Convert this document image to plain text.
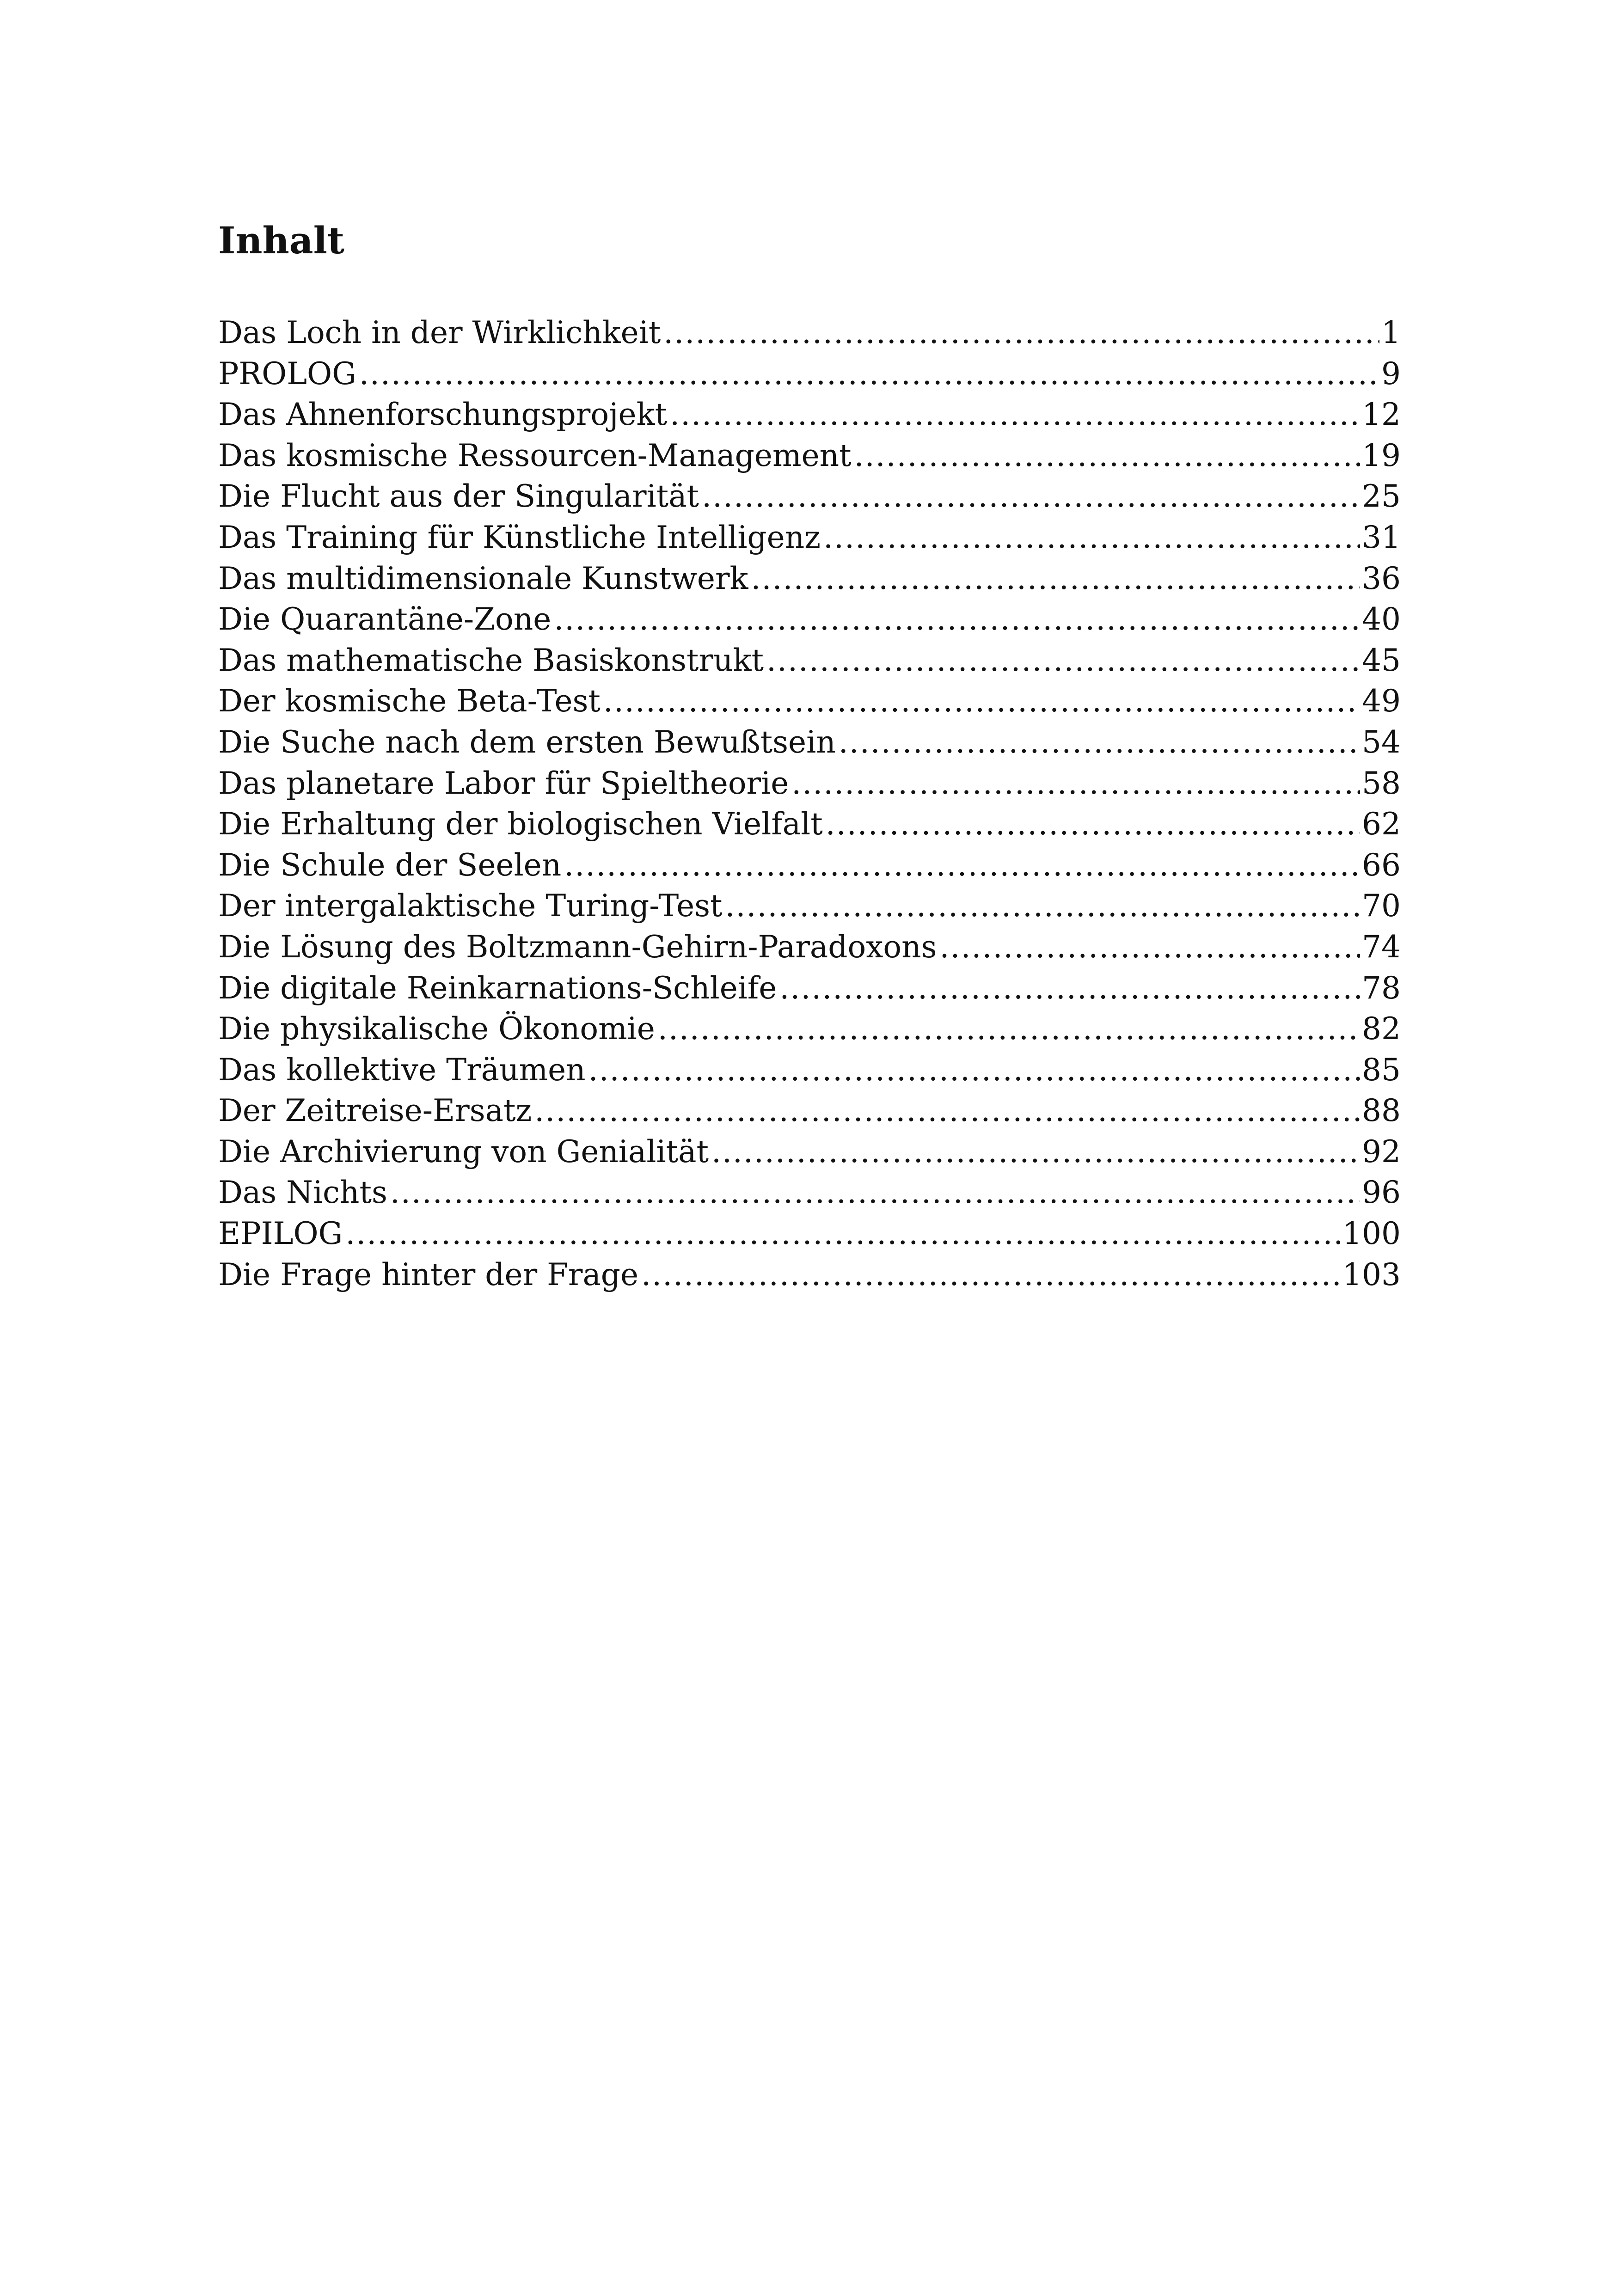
Inhalt
Das Loch in der Wirklichkeit .....	1
PROLOG .....	9
Das Ahnenforschungsprojekt .....	12
Das kosmische Ressourcen-Management .....	19
Die Flucht aus der Singularität .....	25
Das Training für Künstliche Intelligenz .....	31
Das multidimensionale Kunstwerk .....	36
Die Quarantäne-Zone .....	40
Das mathematische Basiskonstrukt .....	45
Der kosmische Beta-Test .....	49
Die Suche nach dem ersten Bewußtsein .....	54
Das planetare Labor für Spieltheorie .....	58
Die Erhaltung der biologischen Vielfalt .....	62
Die Schule der Seelen .....	66
Der intergalaktische Turing-Test .....	70
Die Lösung des Boltzmann-Gehirn-Paradoxons .....	74
Die digitale Reinkarnations-Schleife .....	78
Die physikalische Ökonomie .....	82
Das kollektive Träumen .....	85
Der Zeitreise-Ersatz .....	88
Die Archivierung von Genialität .....	92
Das Nichts .....	96
EPILOG .....	100
Die Frage hinter der Frage .....	103
